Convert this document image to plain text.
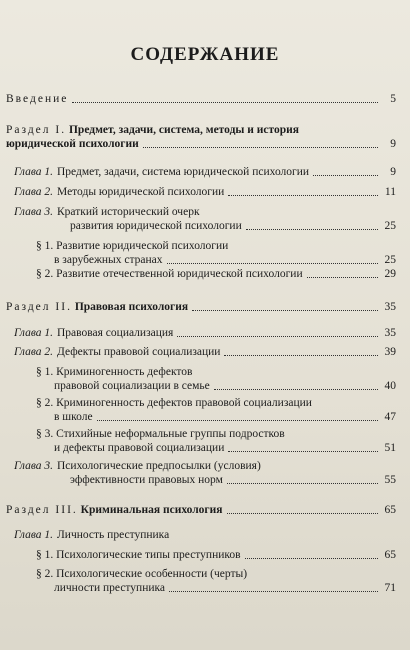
СОДЕРЖАНИЕ
Введение	5
Раздел I. Предмет, задачи, система, методы и история
юридической психологии	9
Глава 1. Предмет, задачи, система юридической психологии	9
Глава 2. Методы юридической психологии	11
Глава 3. Краткий исторический очерк
развития юридической психологии	25
§ 1. Развитие юридической психологии
в зарубежных странах	25
§ 2. Развитие отечественной юридической психологии	29
Раздел II. Правовая психология	35
Глава 1. Правовая социализация	35
Глава 2. Дефекты правовой социализации	39
§ 1. Криминогенность дефектов
правовой социализации в семье	40
§ 2. Криминогенность дефектов правовой социализации
в школе	47
§ 3. Стихийные неформальные группы подростков
и дефекты правовой социализации	51
Глава 3. Психологические предпосылки (условия)
эффективности правовых норм	55
Раздел III. Криминальная психология	65
Глава 1. Личность преступника
§ 1. Психологические типы преступников	65
§ 2. Психологические особенности (черты)
личности преступника	71
